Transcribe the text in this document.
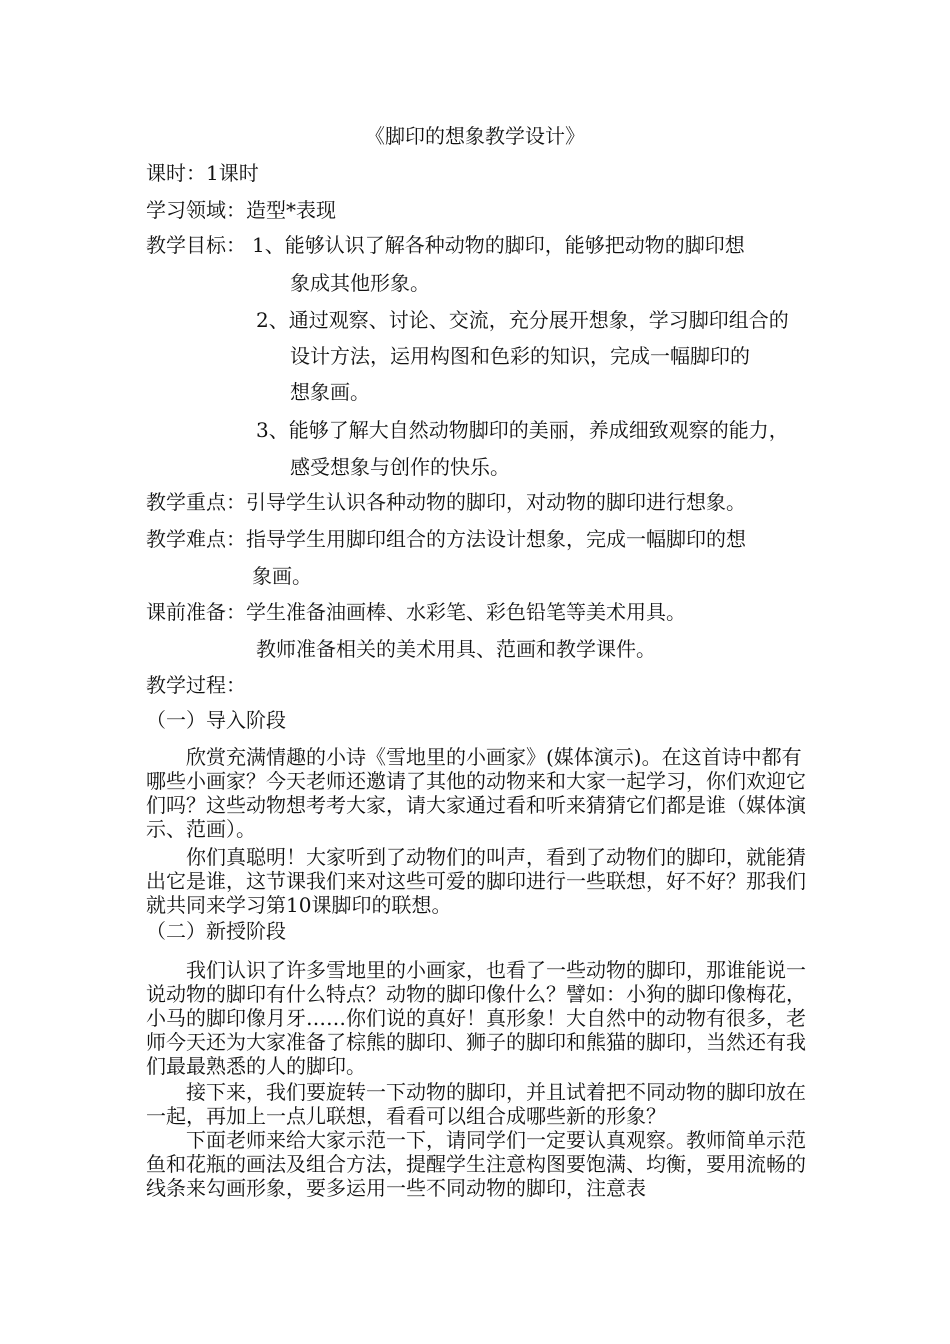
《脚印的想象教学设计》
课时：1课时
学习领域：造型*表现
教学目标： 1、能够认识了解各种动物的脚印，能够把动物的脚印想
象成其他形象。
2、通过观察、讨论、交流，充分展开想象，学习脚印组合的
设计方法，运用构图和色彩的知识，完成一幅脚印的
想象画。
3、能够了解大自然动物脚印的美丽，养成细致观察的能力，
感受想象与创作的快乐。
教学重点：引导学生认识各种动物的脚印，对动物的脚印进行想象。
教学难点：指导学生用脚印组合的方法设计想象，完成一幅脚印的想
象画。
课前准备：学生准备油画棒、水彩笔、彩色铅笔等美术用具。
教师准备相关的美术用具、范画和教学课件。
教学过程：
（一）导入阶段

欣赏充满情趣的小诗《雪地里的小画家》(媒体演示)。在这首诗中都有哪些小画家？今天老师还邀请了其他的动物来和大家一起学习，你们欢迎它们吗？这些动物想考考大家，请大家通过看和听来猜猜它们都是谁（媒体演示、范画）。

你们真聪明！大家听到了动物们的叫声，看到了动物们的脚印，就能猜出它是谁，这节课我们来对这些可爱的脚印进行一些联想，好不好？那我们就共同来学习第10课脚印的联想。

（二）新授阶段

我们认识了许多雪地里的小画家，也看了一些动物的脚印，那谁能说一说动物的脚印有什么特点？动物的脚印像什么？譬如：小狗的脚印像梅花，小马的脚印像月牙……你们说的真好！真形象！大自然中的动物有很多，老师今天还为大家准备了棕熊的脚印、狮子的脚印和熊猫的脚印，当然还有我们最最熟悉的人的脚印。

接下来，我们要旋转一下动物的脚印，并且试着把不同动物的脚印放在一起，再加上一点儿联想，看看可以组合成哪些新的形象？

下面老师来给大家示范一下，请同学们一定要认真观察。教师简单示范鱼和花瓶的画法及组合方法，提醒学生注意构图要饱满、均衡，要用流畅的线条来勾画形象，要多运用一些不同动物的脚印，注意表
